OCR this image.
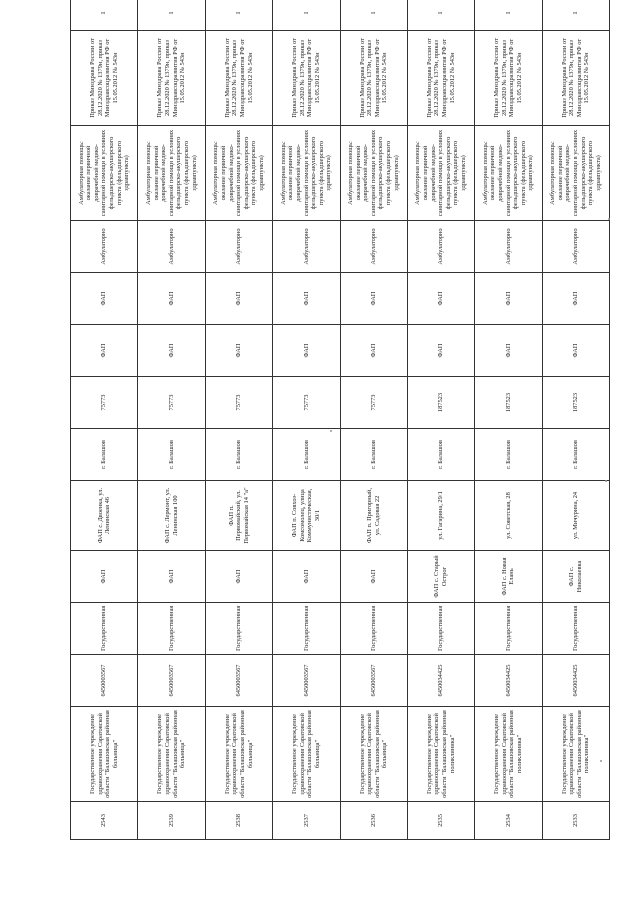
2543	Государственное учреждение здравоохранения Саратовской области "Балашовская районная больница"	6450003567	Государственная	ФАП	ФАП с. Двоенка, ул. Ленинская 46	г. Балашов	75773	ФАП	ФАП	Амбулаторно	Амбулаторная помощь: оказание первичной доврачебной медико-санитарной помощи в условиях фельдшерско-акушерского пункта (фельдшерского здравпункта)	Приказ Минздрава России от 28.12.2020 № 1379н, приказ Минздравсоцразвития РФ от 15.05.2012 № 543н	1	
2539	Государственное учреждение здравоохранения Саратовской области "Балашовская районная больница"	6450003567	Государственная	ФАП	ФАП с. Лермонт, ул. Ленинская 100	г. Балашов	75773	ФАП	ФАП	Амбулаторно	Амбулаторная помощь: оказание первичной доврачебной медико-санитарной помощи в условиях фельдшерско-акушерского пункта (фельдшерского здравпункта)	Приказ Минздрава России от 28.12.2020 № 1379н, приказ Минздравсоцразвития РФ от 15.05.2012 № 543н	1	
2538	Государственное учреждение здравоохранения Саратовской области "Балашовская районная больница"	6450003567	Государственная	ФАП	ФАП п. Первомайский, ул. Первомайская 14 "а"	г. Балашов	75773	ФАП	ФАП	Амбулаторно	Амбулаторная помощь: оказание первичной доврачебной медико-санитарной помощи в условиях фельдшерско-акушерского пункта (фельдшерского здравпункта)	Приказ Минздрава России от 28.12.2020 № 1379н, приказ Минздравсоцразвития РФ от 15.05.2012 № 543н	1	
2537	Государственное учреждение здравоохранения Саратовской области "Балашовская районная больница"	6450003567	Государственная	ФАП	ФАП п. Совхоз-Комсомолец, улица Коммунистическая, 30/1	г. Балашов	75773	ФАП	ФАП	Амбулаторно	Амбулаторная помощь: оказание первичной доврачебной медико-санитарной помощи в условиях фельдшерско-акушерского пункта (фельдшерского здравпункта)	Приказ Минздрава России от 28.12.2020 № 1379н, приказ Минздравсоцразвития РФ от 15.05.2012 № 543н	1	
2536	Государственное учреждение здравоохранения Саратовской области "Балашовская районная больница"	6450003567	Государственная	ФАП	ФАП п. Пригорный, ул. Садовая 22	г. Балашов	75773	ФАП	ФАП	Амбулаторно	Амбулаторная помощь: оказание первичной доврачебной медико-санитарной помощи в условиях фельдшерско-акушерского пункта (фельдшерского здравпункта)	Приказ Минздрава России от 28.12.2020 № 1379н, приказ Минздравсоцразвития РФ от 15.05.2012 № 543н	1	
2535	Государственное учреждение здравоохранения Саратовской области "Балашовская районная поликлиника"	6450034425	Государственная	ФАП с. Старый Острог	ул. Гагарина, 29/1	г. Балашов	187523	ФАП	ФАП	Амбулаторно	Амбулаторная помощь: оказание первичной доврачебной медико-санитарной помощи в условиях фельдшерско-акушерского пункта (фельдшерского здравпункта)	Приказ Минздрава России от 28.12.2020 № 1379н, приказ Минздравсоцразвития РФ от 15.05.2012 № 543н	1	
2534	Государственное учреждение здравоохранения Саратовской области "Балашовская районная поликлиника"	6450034425	Государственная	ФАП с. Новая Елань	ул. Советская, 28	г. Балашов	187523	ФАП	ФАП	Амбулаторно	Амбулаторная помощь: оказание первичной доврачебной медико-санитарной помощи в условиях фельдшерско-акушерского пункта (фельдшерского здравпункта)	Приказ Минздрава России от 28.12.2020 № 1379н, приказ Минздравсоцразвития РФ от 15.05.2012 № 543н	1	
2533	Государственное учреждение здравоохранения Саратовской области "Балашовская районная поликлиника"	6450034425	Государственная	ФАП с. Николаевка	ул. Мичурина, 24	г. Балашов	187523	ФАП	ФАП	Амбулаторно	Амбулаторная помощь: оказание первичной доврачебной медико-санитарной помощи в условиях фельдшерско-акушерского пункта (фельдшерского здравпункта)	Приказ Минздрава России от 28.12.2020 № 1379н, приказ Минздравсоцразвития РФ от 15.05.2012 № 543н	1	
